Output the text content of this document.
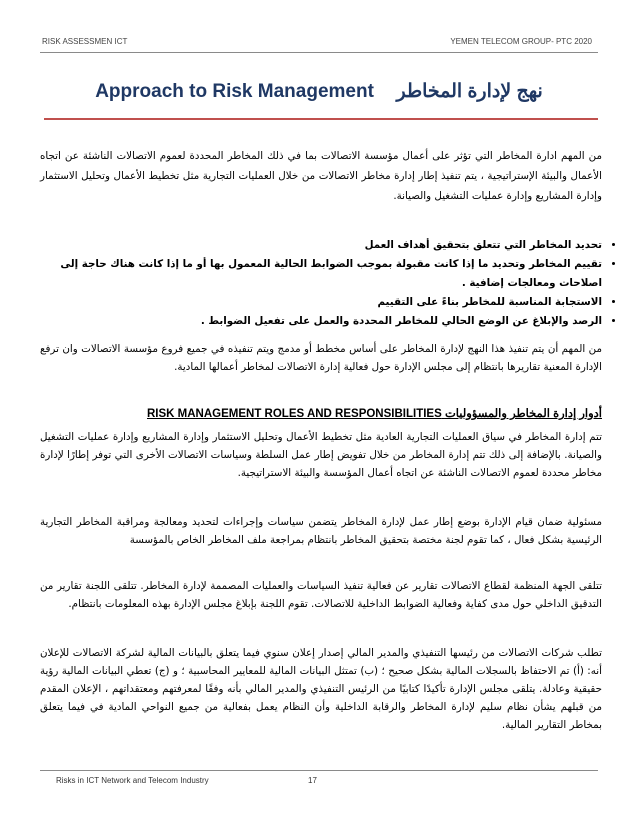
RISK ASSESSMEN ICT	YEMEN TELECOM GROUP- PTC 2020
Approach to Risk Management نهج لإدارة المخاطر

من المهم ادارة المخاطر التي تؤثر على أعمال مؤسسة الاتصالات بما في ذلك المخاطر المحددة لعموم الاتصالات الناشئة عن اتجاه الأعمال والبيئة الإستراتيجية ، يتم تنفيذ إطار إدارة مخاطر الاتصالات من خلال العمليات التجارية مثل تخطيط الأعمال وتحليل الاستثمار وإدارة المشاريع وإدارة عمليات التشغيل والصيانة.

• تحديد المخاطر التي تتعلق بتحقيق أهداف العمل
• تقييم المخاطر وتحديد ما إذا كانت مقبولة بموجب الضوابط الحالية المعمول بها أو ما إذا كانت هناك حاجة إلى اصلاحات ومعالجات إضافية .
• الاستجابة المناسبة للمخاطر بناءً على التقييم
• الرصد والإبلاغ عن الوضع الحالي للمخاطر المحددة والعمل على تفعيل الضوابط .

من المهم أن يتم تنفيذ هذا النهج لإدارة المخاطر على أساس مخطط أو مدمج ويتم تنفيذه في جميع فروع مؤسسة الاتصالات وان ترفع الإدارة المعنية تقاريرها بانتظام إلى مجلس الإدارة حول فعالية إدارة الاتصالات لمخاطر أعمالها المادية.

أدوار إدارة المخاطر والمسؤوليات RISK MANAGEMENT ROLES AND RESPONSIBILITIES

تتم إدارة المخاطر في سياق العمليات التجارية العادية مثل تخطيط الأعمال وتحليل الاستثمار وإدارة المشاريع وإدارة عمليات التشغيل والصيانة. بالإضافة إلى ذلك تتم إدارة المخاطر من خلال تفويض إطار عمل السلطة وسياسات الاتصالات الأخرى التي توفر إطارًا لإدارة مخاطر محددة لعموم الاتصالات الناشئة عن اتجاه أعمال المؤسسة والبيئة الاستراتيجية.

مسئولية ضمان قيام الإدارة بوضع إطار عمل لإدارة المخاطر يتضمن سياسات وإجراءات لتحديد ومعالجة ومراقبة المخاطر التجارية الرئيسية بشكل فعال ، كما تقوم لجنة مختصة بتحقيق المخاطر بانتظام بمراجعة ملف المخاطر الخاص بالمؤسسة

تتلقى الجهة المنظمة لقطاع الاتصالات تقارير عن فعالية تنفيذ السياسات والعمليات المصممة لإدارة المخاطر. تتلقى اللجنة تقارير من التدقيق الداخلي حول مدى كفاية وفعالية الضوابط الداخلية للاتصالات. تقوم اللجنة بإبلاغ مجلس الإدارة بهذه المعلومات بانتظام.

تطلب شركات الاتصالات من رئيسها التنفيذي والمدير المالي إصدار إعلان سنوي فيما يتعلق بالبيانات المالية لشركة الاتصالات للإعلان أنه: (أ) تم الاحتفاظ بالسجلات المالية بشكل صحيح ؛ (ب) تمتثل البيانات المالية للمعايير المحاسبية ؛ و (ج) تعطي البيانات المالية رؤية حقيقية وعادلة. يتلقى مجلس الإدارة تأكيدًا كتابيًا من الرئيس التنفيذي والمدير المالي بأنه وفقًا لمعرفتهم ومعتقداتهم ، الإعلان المقدم من قبلهم يشأن نظام سليم لإدارة المخاطر والرقابة الداخلية وأن النظام يعمل بفعالية من جميع النواحي المادية في فيما يتعلق بمخاطر التقارير المالية.

Risks in ICT Network and Telecom Industry	17
